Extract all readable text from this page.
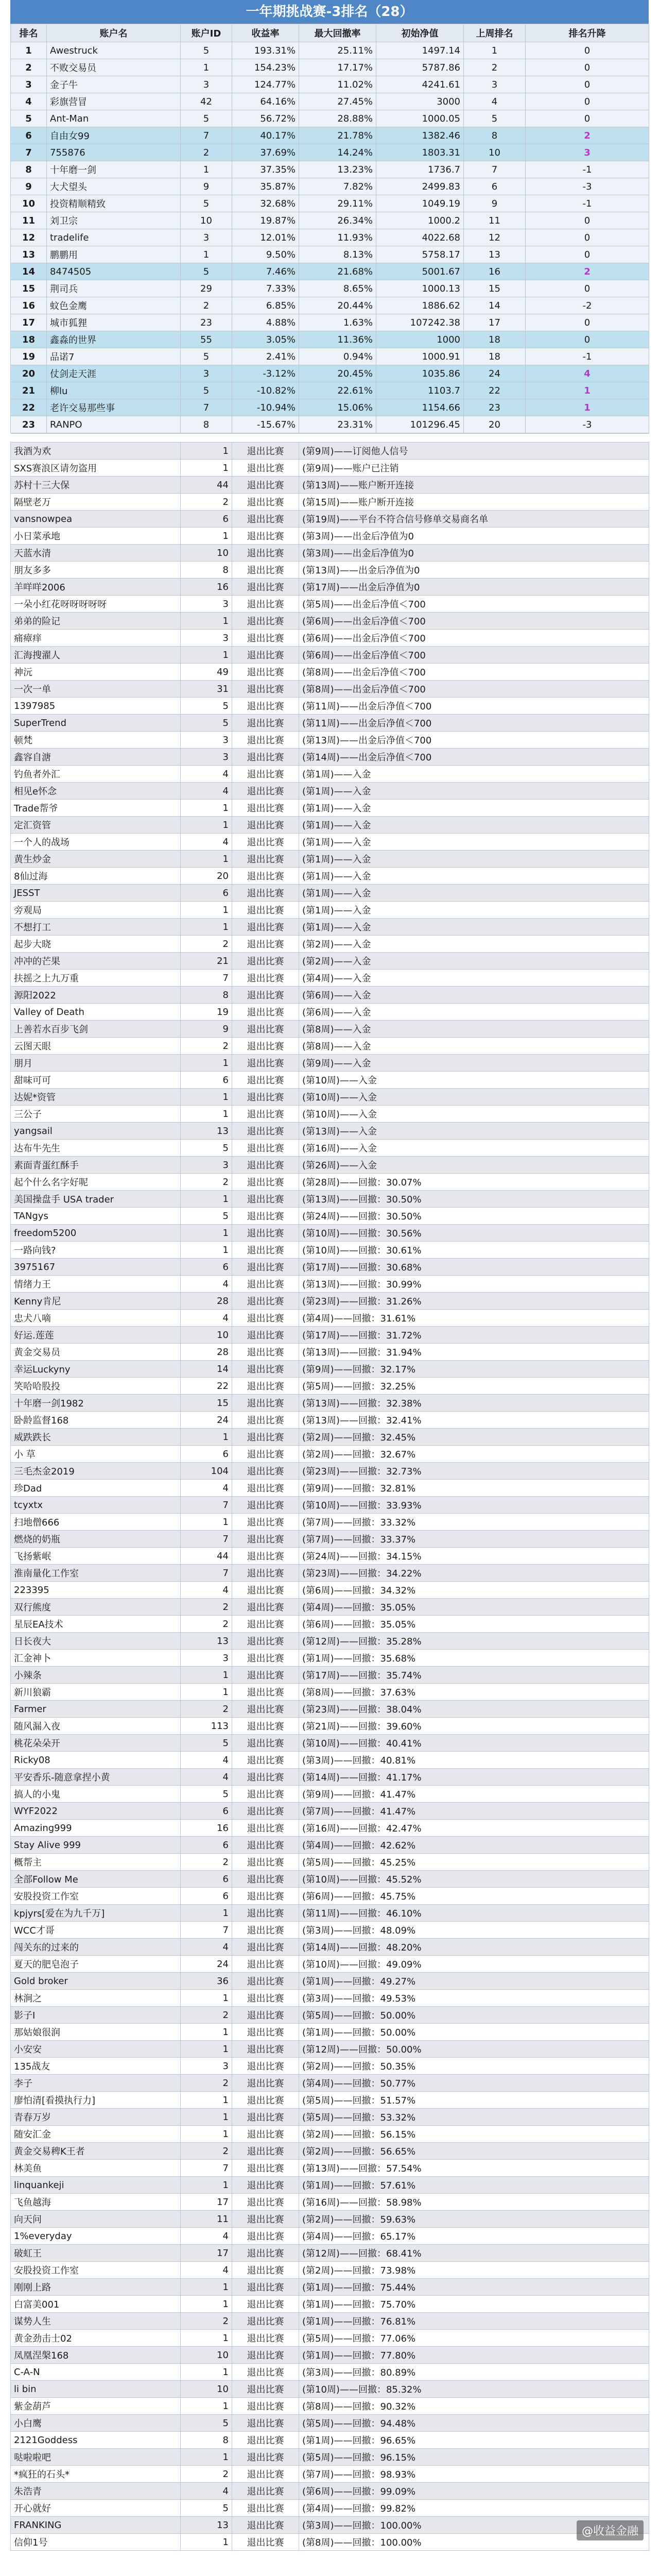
一年期挑战赛-3排名（28）
排名	账户名	账户ID	收益率	最大回撤率	初始净值	上周排名	排名升降
1	Awestruck	5	193.31%	25.11%	1497.14	1	0
2	不败交易员	1	154.23%	17.17%	5787.86	2	0
3	金子牛	3	124.77%	11.02%	4241.61	3	0
4	彩旗营冒	42	64.16%	27.45%	3000	4	0
5	Ant-Man	5	56.72%	28.88%	1000.05	5	0
6	自由女99	7	40.17%	21.78%	1382.46	8	2
7	755876	2	37.69%	14.24%	1803.31	10	3
8	十年磨一剑	1	37.35%	13.23%	1736.7	7	-1
9	大犬望头	9	35.87%	7.82%	2499.83	6	-3
10	投资精顺精致	5	32.68%	29.11%	1049.19	9	-1
11	刘卫宗	10	19.87%	26.34%	1000.2	11	0
12	tradelife	3	12.01%	11.93%	4022.68	12	0
13	鹏鹏用	1	9.50%	8.13%	5758.17	13	0
14	8474505	5	7.46%	21.68%	5001.67	16	2
15	荆司兵	29	7.33%	8.65%	1000.13	15	0
16	蚊色金鹰	2	6.85%	20.44%	1886.62	14	-2
17	城市狐狸	23	4.88%	1.63%	107242.38	17	0
18	鑫淼的世界	55	3.05%	11.36%	1000	18	0
19	品诺7	5	2.41%	0.94%	1000.91	18	-1
20	仗剑走天涯	3	-3.12%	20.45%	1035.86	24	4
21	柳lu	5	-10.82%	22.61%	1103.7	22	1
22	老许交易那些事	7	-10.94%	15.06%	1154.66	23	1
23	RANPO	8	-15.67%	23.31%	101296.45	20	-3

我酒为欢	1	退出比赛	(第9周)——订阅他人信号
SXS赛浪区请勿盗用	1	退出比赛	(第9周)——账户已注销
苏村十三大保	44	退出比赛	(第13周)——账户断开连接
隔壁老万	2	退出比赛	(第15周)——账户断开连接
vansnowpea	6	退出比赛	(第19周)——平台不符合信号修单交易商名单
小日菜承地	1	退出比赛	(第3周)——出金后净值为0
天蓝水清	10	退出比赛	(第3周)——出金后净值为0
朋友多多	8	退出比赛	(第13周)——出金后净值为0
羊咩咩2006	16	退出比赛	(第17周)——出金后净值为0
一朵小红花呀呀呀呀呀	3	退出比赛	(第5周)——出金后净值＜700
弟弟的险记	1	退出比赛	(第6周)——出金后净值＜700
痛瘴痒	3	退出比赛	(第6周)——出金后净值＜700
汇海搜濯人	1	退出比赛	(第6周)——出金后净值＜700
神沅	49	退出比赛	(第8周)——出金后净值＜700
一次一单	31	退出比赛	(第8周)——出金后净值＜700
1397985	5	退出比赛	(第11周)——出金后净值＜700
SuperTrend	5	退出比赛	(第11周)——出金后净值＜700
顿梵	3	退出比赛	(第13周)——出金后净值＜700
鑫容自溏	3	退出比赛	(第14周)——出金后净值＜700
钓鱼者外汇	4	退出比赛	(第1周)——入金
相见e怀念	4	退出比赛	(第1周)——入金
Trade帮爷	1	退出比赛	(第1周)——入金
定汇资管	1	退出比赛	(第1周)——入金
一个人的战场	4	退出比赛	(第1周)——入金
黄生炒金	1	退出比赛	(第1周)——入金
8仙过海	20	退出比赛	(第1周)——入金
JESST	6	退出比赛	(第1周)——入金
旁观局	1	退出比赛	(第1周)——入金
不想打工	1	退出比赛	(第1周)——入金
起步大晓	2	退出比赛	(第2周)——入金
冲冲的芒果	21	退出比赛	(第2周)——入金
扶摇之上九万重	7	退出比赛	(第4周)——入金
源阳2022	8	退出比赛	(第6周)——入金
Valley of Death	19	退出比赛	(第6周)——入金
上善若水百步飞剑	9	退出比赛	(第8周)——入金
云图天眼	2	退出比赛	(第8周)——入金
朋月	1	退出比赛	(第9周)——入金
甜味可可	6	退出比赛	(第10周)——入金
达妮*资管	1	退出比赛	(第10周)——入金
三公子	1	退出比赛	(第10周)——入金
yangsail	13	退出比赛	(第13周)——入金
达布牛先生	5	退出比赛	(第16周)——入金
素面青蛋红酥手	3	退出比赛	(第26周)——入金
起个什么名字好呢	2	退出比赛	(第28周)——回撤：30.07%
美国操盘手 USA trader	1	退出比赛	(第13周)——回撤：30.50%
TANgys	5	退出比赛	(第24周)——回撤：30.50%
freedom5200	1	退出比赛	(第10周)——回撤：30.56%
一路向钱?	1	退出比赛	(第10周)——回撤：30.61%
3975167	6	退出比赛	(第17周)——回撤：30.68%
情绪力王	4	退出比赛	(第13周)——回撤：30.99%
Kenny肯尼	28	退出比赛	(第23周)——回撤：31.26%
忠犬八嘀	4	退出比赛	(第4周)——回撤：31.61%
好运.莲莲	10	退出比赛	(第17周)——回撤：31.72%
黄金交易员	28	退出比赛	(第13周)——回撤：31.94%
幸运Luckyny	14	退出比赛	(第9周)——回撤：32.17%
笑哈哈股投	22	退出比赛	(第5周)——回撤：32.25%
十年磨一剑1982	15	退出比赛	(第13周)——回撤：32.38%
卧龄监督168	24	退出比赛	(第13周)——回撤：32.41%
威跌跌长	1	退出比赛	(第2周)——回撤：32.45%
小 草	6	退出比赛	(第2周)——回撤：32.67%
三毛杰金2019	104	退出比赛	(第23周)——回撤：32.73%
珍Dad	4	退出比赛	(第9周)——回撤：32.81%
tcyxtx	7	退出比赛	(第10周)——回撤：33.93%
扫地僧666	1	退出比赛	(第7周)——回撤：33.32%
燃烧的奶瓶	7	退出比赛	(第7周)——回撤：33.37%
飞扬紫岷	44	退出比赛	(第24周)——回撤：34.15%
淮南量化工作室	7	退出比赛	(第23周)——回撤：34.22%
223395	4	退出比赛	(第6周)——回撤：34.32%
双行熊度	2	退出比赛	(第4周)——回撤：35.05%
星辰EA技术	2	退出比赛	(第6周)——回撤：35.05%
日长夜大	13	退出比赛	(第12周)——回撤：35.28%
汇金神卜	3	退出比赛	(第1周)——回撤：35.68%
小辣条	1	退出比赛	(第17周)——回撤：35.74%
新川狼霸	1	退出比赛	(第8周)——回撤：37.63%
Farmer	2	退出比赛	(第23周)——回撤：38.04%
随风漏入夜	113	退出比赛	(第21周)——回撤：39.60%
桃花朵朵开	5	退出比赛	(第10周)——回撤：40.41%
Ricky08	4	退出比赛	(第3周)——回撤：40.81%
平安香乐-随意拿捏小黄	4	退出比赛	(第14周)——回撤：41.17%
搞人的小鬼	5	退出比赛	(第9周)——回撤：41.47%
WYF2022	6	退出比赛	(第7周)——回撤：41.47%
Amazing999	16	退出比赛	(第16周)——回撤：42.47%
Stay Alive 999	6	退出比赛	(第4周)——回撤：42.62%
概帮主	2	退出比赛	(第5周)——回撤：45.25%
全部Follow Me	6	退出比赛	(第10周)——回撤：45.52%
安股投资工作室	6	退出比赛	(第6周)——回撤：45.75%
kpjyrs[爱在为九千万]	1	退出比赛	(第11周)——回撤：46.10%
WCC才哥	7	退出比赛	(第3周)——回撤：48.09%
闯关东的过来的	4	退出比赛	(第14周)——回撤：48.20%
夏天的肥皂泡子	24	退出比赛	(第10周)——回撤：49.09%
Gold broker	36	退出比赛	(第1周)——回撤：49.27%
林涧之	1	退出比赛	(第3周)——回撤：49.53%
影子I	2	退出比赛	(第5周)——回撤：50.00%
那姑娘很润	1	退出比赛	(第1周)——回撤：50.00%
小安安	1	退出比赛	(第12周)——回撤：50.00%
135战友	3	退出比赛	(第2周)——回撤：50.35%
李子	2	退出比赛	(第4周)——回撤：50.77%
廖怕清[看摸执行力]	1	退出比赛	(第5周)——回撤：51.57%
青春万岁	1	退出比赛	(第5周)——回撤：53.32%
随安汇金	1	退出比赛	(第2周)——回撤：56.15%
黄金交易稗K王者	2	退出比赛	(第2周)——回撤：56.65%
林美鱼	7	退出比赛	(第13周)——回撤：57.54%
linquankeji	1	退出比赛	(第1周)——回撤：57.61%
飞鱼越海	17	退出比赛	(第16周)——回撤：58.98%
向天问	11	退出比赛	(第2周)——回撤：59.63%
1%everyday	4	退出比赛	(第4周)——回撤：65.17%
破虹王	17	退出比赛	(第12周)——回撤：68.41%
安股投资工作室	4	退出比赛	(第2周)——回撤：73.98%
刚刚上路	1	退出比赛	(第1周)——回撤：75.44%
白富美001	1	退出比赛	(第1周)——回撤：75.70%
谋势人生	2	退出比赛	(第1周)——回撤：76.81%
黄金劲击士02	1	退出比赛	(第5周)——回撤：77.06%
凤凰涅槃168	10	退出比赛	(第1周)——回撤：77.80%
C-A-N	1	退出比赛	(第3周)——回撤：80.89%
li bin	10	退出比赛	(第10周)——回撤：85.32%
紫金葫芦	1	退出比赛	(第8周)——回撤：90.32%
小白鹰	5	退出比赛	(第5周)——回撤：94.48%
2121Goddess	8	退出比赛	(第1周)——回撤：96.65%
哒啦啦吧	1	退出比赛	(第5周)——回撤：96.15%
*疯狂的石头*	2	退出比赛	(第7周)——回撤：98.93%
朱浩青	4	退出比赛	(第6周)——回撤：99.09%
开心就好	5	退出比赛	(第4周)——回撤：99.82%
FRANKING	13	退出比赛	(第3周)——回撤：100.00%
信仰1号	1	退出比赛	(第8周)——回撤：100.00%
@收益金融
